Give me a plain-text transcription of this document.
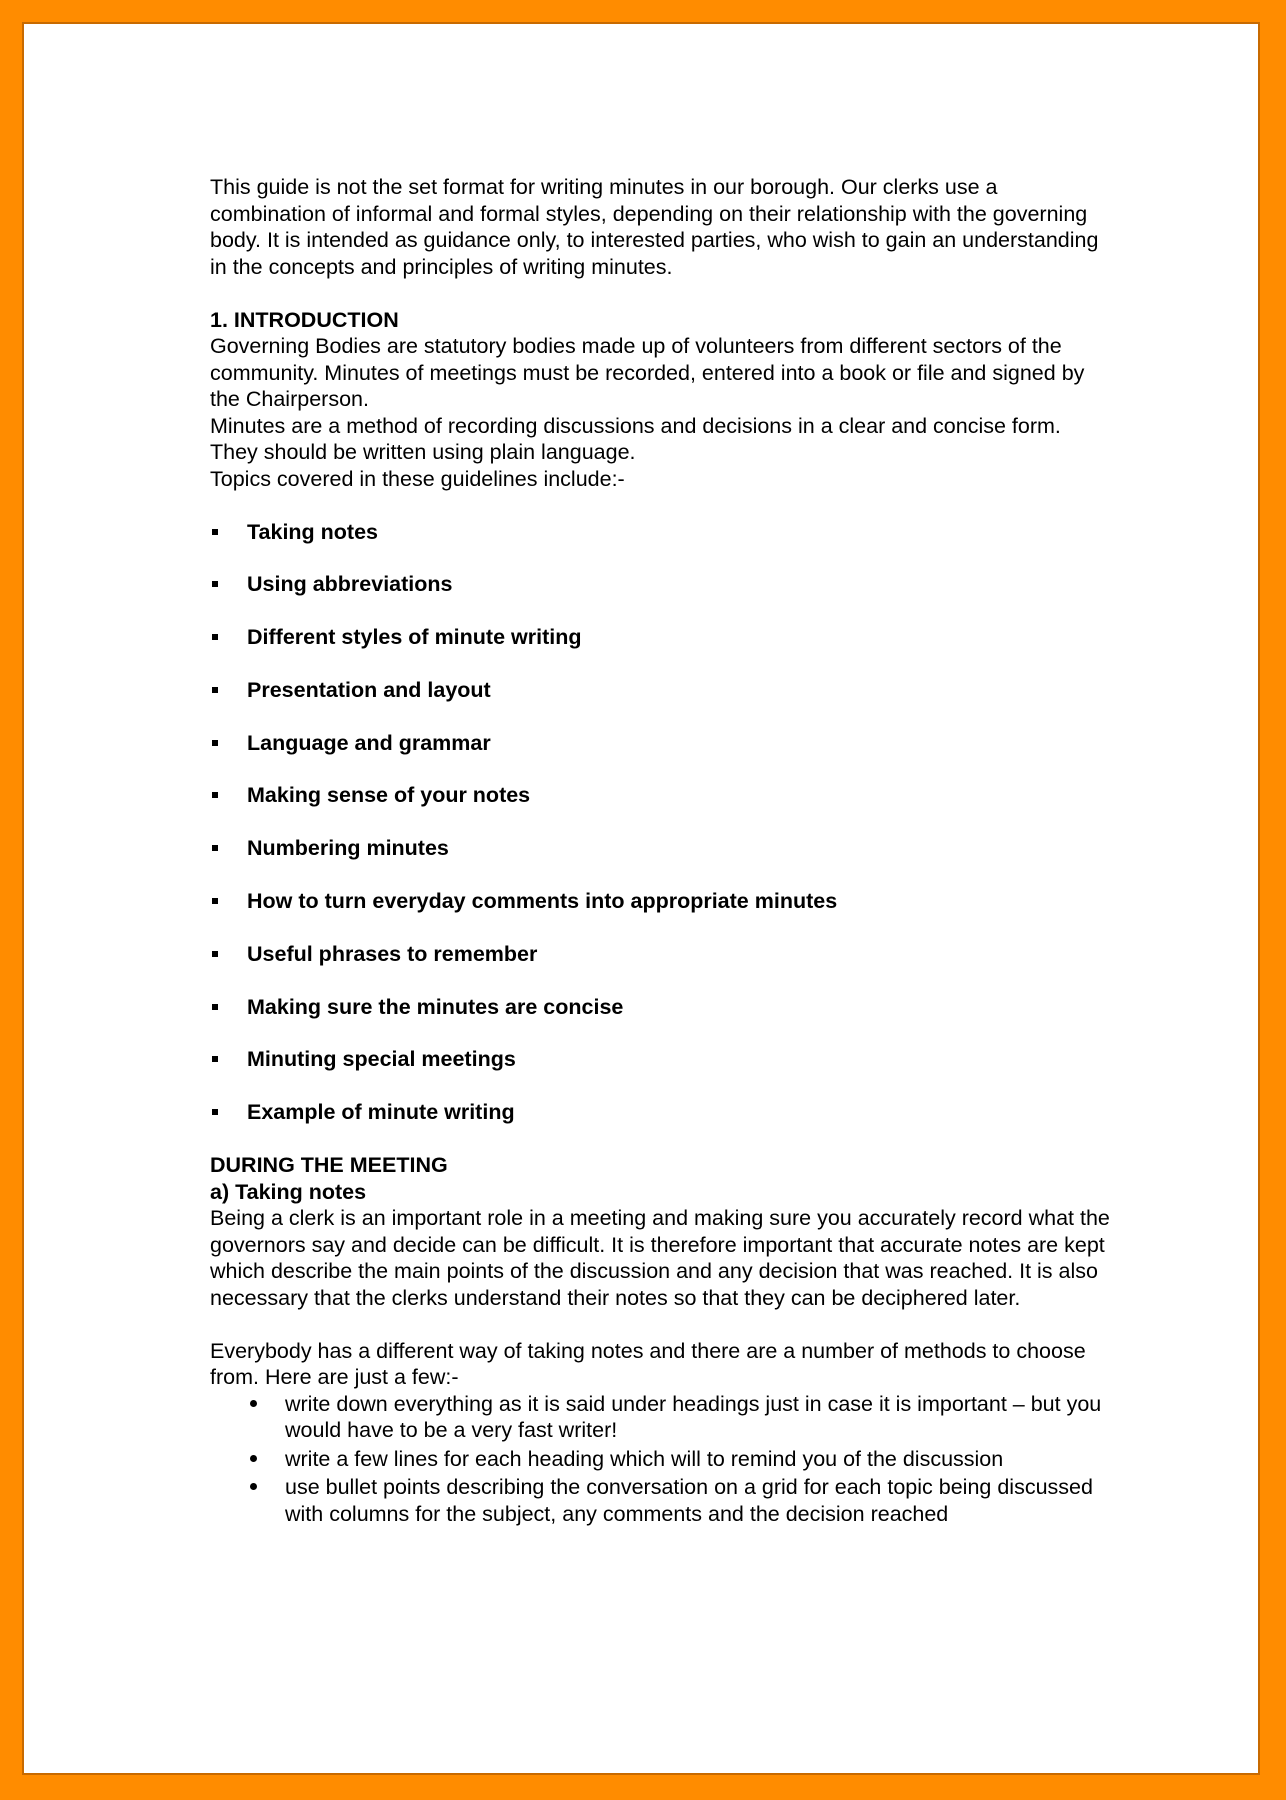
This guide is not the set format for writing minutes in our borough. Our clerks use a combination of informal and formal styles, depending on their relationship with the governing body. It is intended as guidance only, to interested parties, who wish to gain an understanding in the concepts and principles of writing minutes.

1. INTRODUCTION

Governing Bodies are statutory bodies made up of volunteers from different sectors of the community. Minutes of meetings must be recorded, entered into a book or file and signed by the Chairperson.

Minutes are a method of recording discussions and decisions in a clear and concise form. They should be written using plain language.

Topics covered in these guidelines include:-

Taking notes
Using abbreviations
Different styles of minute writing
Presentation and layout
Language and grammar
Making sense of your notes
Numbering minutes
How to turn everyday comments into appropriate minutes
Useful phrases to remember
Making sure the minutes are concise
Minuting special meetings
Example of minute writing

DURING THE MEETING

a) Taking notes

Being a clerk is an important role in a meeting and making sure you accurately record what the governors say and decide can be difficult. It is therefore important that accurate notes are kept which describe the main points of the discussion and any decision that was reached. It is also necessary that the clerks understand their notes so that they can be deciphered later.

Everybody has a different way of taking notes and there are a number of methods to choose from. Here are just a few:-

write down everything as it is said under headings just in case it is important – but you would have to be a very fast writer!
write a few lines for each heading which will to remind you of the discussion
use bullet points describing the conversation on a grid for each topic being discussed with columns for the subject, any comments and the decision reached
